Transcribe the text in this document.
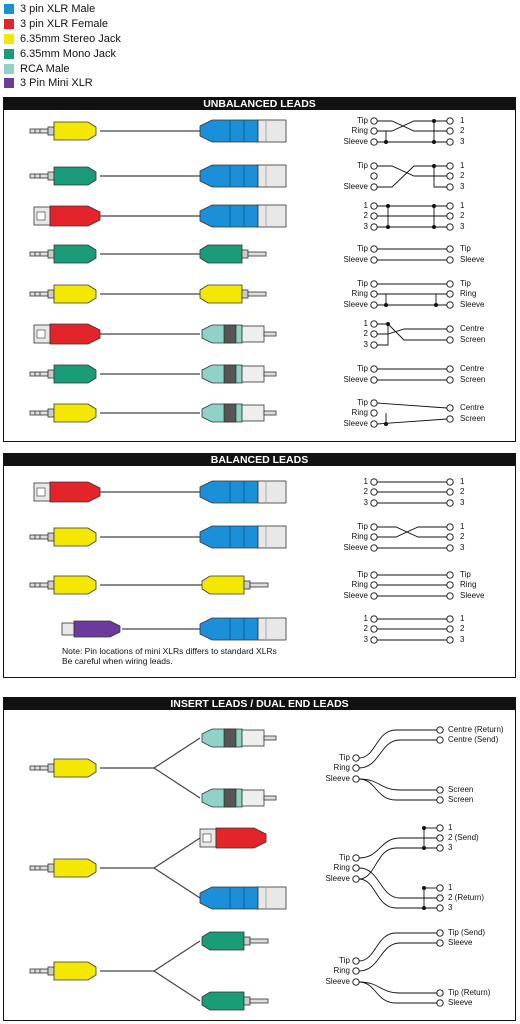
3 pin XLR Male
3 pin XLR Female
6.35mm Stereo Jack
6.35mm Mono Jack
RCA Male
3 Pin Mini XLR
UNBALANCED LEADS
Tip
Ring
Sleeve
1
2
3
Tip
Sleeve
1
2
3
1
2
3
1
2
3
Tip
Sleeve
Tip
Sleeve
Tip
Ring
Sleeve
Tip
Ring
Sleeve
1
2
3
Centre
Screen
Tip
Sleeve
Centre
Screen
Tip
Ring
Sleeve
Centre
Screen
BALANCED LEADS
1
2
3
1
2
3
Tip
Ring
Sleeve
1
2
3
Tip
Ring
Sleeve
Tip
Ring
Sleeve
1
2
3
1
2
3
Note: Pin locations of mini XLRs differs to standard XLRs
Be careful when wiring leads.
INSERT LEADS / DUAL END LEADS
Tip
Ring
Sleeve
Centre (Return)
Centre (Send)
Screen
Screen
Tip
Ring
Sleeve
1
2 (Send)
3
1
2 (Return)
3
Tip
Ring
Sleeve
Tip (Send)
Sleeve
Tip (Return)
Sleeve
